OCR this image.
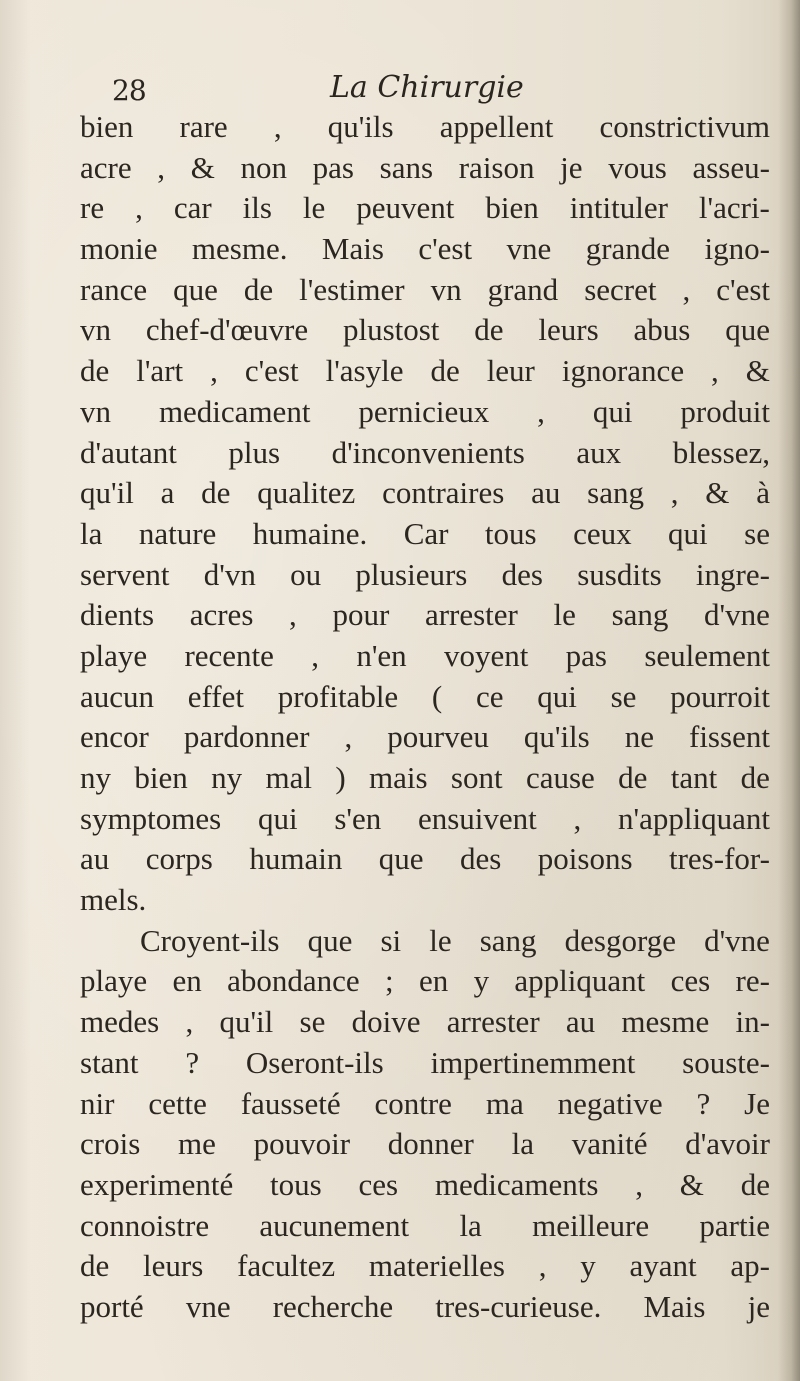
28	La Chirurgie
bien rare , qu'ils appellent constrictivum
acre , & non pas sans raison je vous asseu-
re , car ils le peuvent bien intituler l'acri-
monie mesme. Mais c'est vne grande igno-
rance que de l'estimer vn grand secret , c'est
vn chef-d'œuvre plustost de leurs abus que
de l'art , c'est l'asyle de leur ignorance , &
vn medicament pernicieux , qui produit
d'autant plus d'inconvenients aux blessez,
qu'il a de qualitez contraires au sang , & à
la nature humaine. Car tous ceux qui se
servent d'vn ou plusieurs des susdits ingre-
dients acres , pour arrester le sang d'vne
playe recente , n'en voyent pas seulement
aucun effet profitable ( ce qui se pourroit
encor pardonner , pourveu qu'ils ne fissent
ny bien ny mal ) mais sont cause de tant de
symptomes qui s'en ensuivent , n'appliquant
au corps humain que des poisons tres-for-
mels.
Croyent-ils que si le sang desgorge d'vne
playe en abondance ; en y appliquant ces re-
medes , qu'il se doive arrester au mesme in-
stant ? Oseront-ils impertinemment souste-
nir cette fausseté contre ma negative ? Je
crois me pouvoir donner la vanité d'avoir
experimenté tous ces medicaments , & de
connoistre aucunement la meilleure partie
de leurs facultez materielles , y ayant ap-
porté vne recherche tres-curieuse. Mais je
